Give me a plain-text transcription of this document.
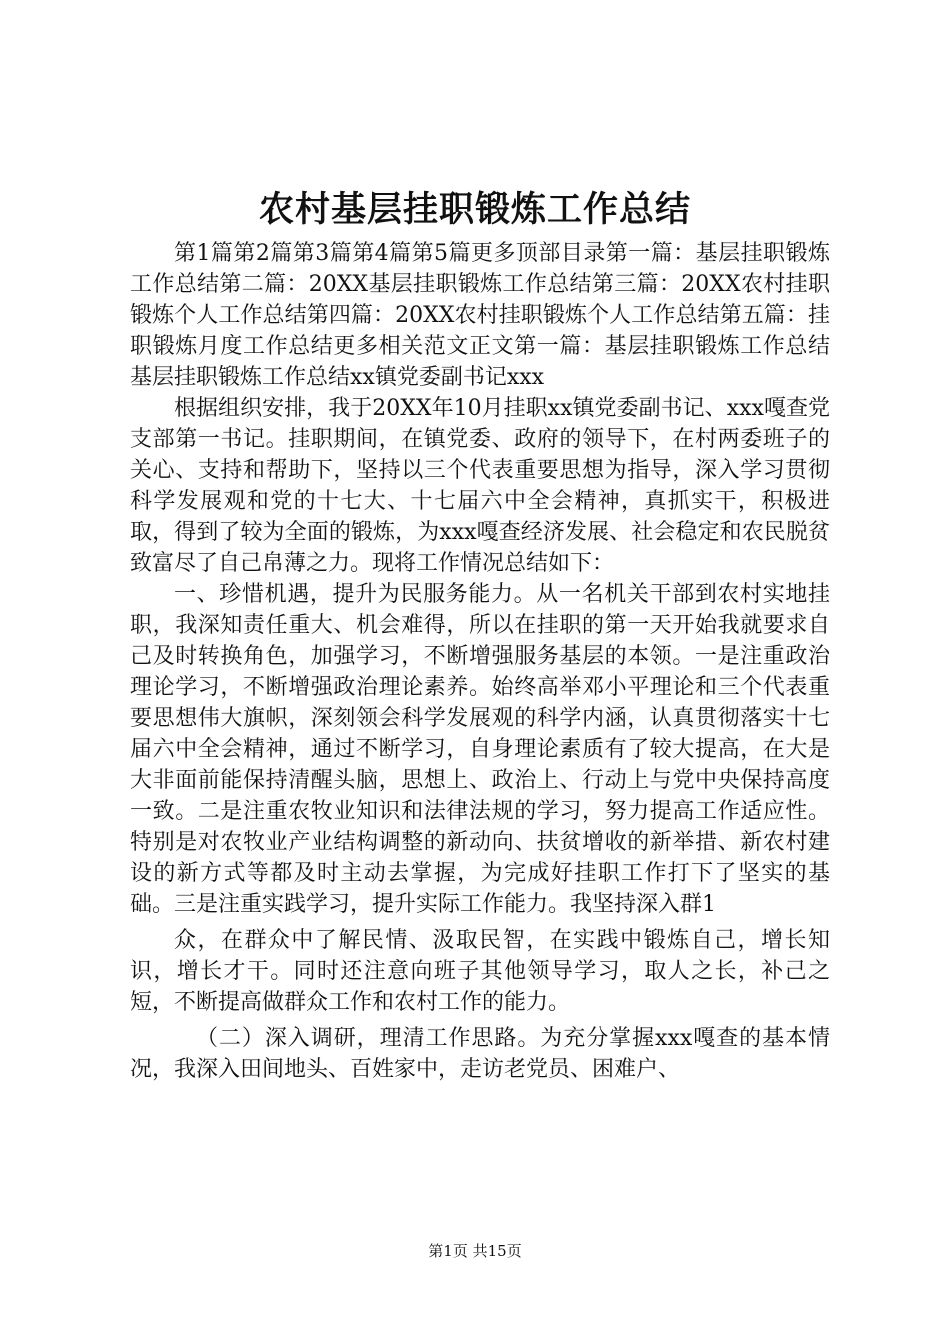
农村基层挂职锻炼工作总结

第1篇第2篇第3篇第4篇第5篇更多顶部目录第一篇：基层挂职锻炼工作总结第二篇：20XX基层挂职锻炼工作总结第三篇：20XX农村挂职锻炼个人工作总结第四篇：20XX农村挂职锻炼个人工作总结第五篇：挂职锻炼月度工作总结更多相关范文正文第一篇：基层挂职锻炼工作总结基层挂职锻炼工作总结xx镇党委副书记xxx

根据组织安排，我于20XX年10月挂职xx镇党委副书记、xxx嘎查党支部第一书记。挂职期间，在镇党委、政府的领导下，在村两委班子的关心、支持和帮助下，坚持以三个代表重要思想为指导，深入学习贯彻科学发展观和党的十七大、十七届六中全会精神，真抓实干，积极进取，得到了较为全面的锻炼，为xxx嘎查经济发展、社会稳定和农民脱贫致富尽了自己帛薄之力。现将工作情况总结如下：

一、珍惜机遇，提升为民服务能力。从一名机关干部到农村实地挂职，我深知责任重大、机会难得，所以在挂职的第一天开始我就要求自己及时转换角色，加强学习，不断增强服务基层的本领。一是注重政治理论学习，不断增强政治理论素养。始终高举邓小平理论和三个代表重要思想伟大旗帜，深刻领会科学发展观的科学内涵，认真贯彻落实十七届六中全会精神，通过不断学习，自身理论素质有了较大提高，在大是大非面前能保持清醒头脑，思想上、政治上、行动上与党中央保持高度一致。二是注重农牧业知识和法律法规的学习，努力提高工作适应性。特别是对农牧业产业结构调整的新动向、扶贫增收的新举措、新农村建设的新方式等都及时主动去掌握，为完成好挂职工作打下了坚实的基础。三是注重实践学习，提升实际工作能力。我坚持深入群1

众，在群众中了解民情、汲取民智，在实践中锻炼自己，增长知识，增长才干。同时还注意向班子其他领导学习，取人之长，补己之短，不断提高做群众工作和农村工作的能力。

（二）深入调研，理清工作思路。为充分掌握xxx嘎查的基本情况，我深入田间地头、百姓家中，走访老党员、困难户、

第1页 共15页
